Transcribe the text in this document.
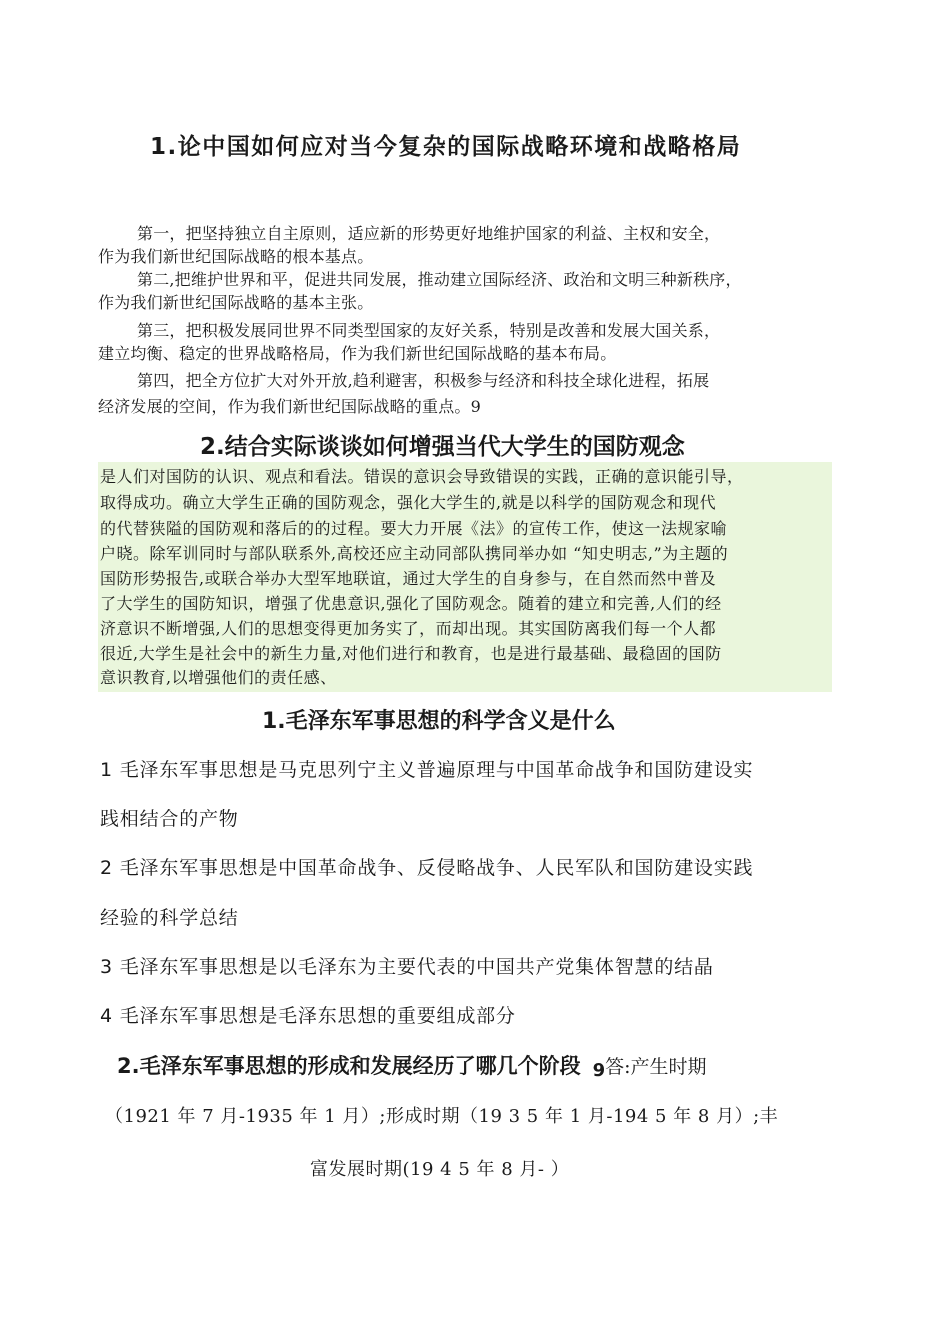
1.论中国如何应对当今复杂的国际战略环境和战略格局
第一，把坚持独立自主原则，适应新的形势更好地维护国家的利益、主权和安全，
作为我们新世纪国际战略的根本基点。
第二,把维护世界和平，促进共同发展，推动建立国际经济、政治和文明三种新秩序，
作为我们新世纪国际战略的基本主张。
第三，把积极发展同世界不同类型国家的友好关系，特别是改善和发展大国关系，
建立均衡、稳定的世界战略格局，作为我们新世纪国际战略的基本布局。
第四，把全方位扩大对外开放,趋利避害，积极参与经济和科技全球化进程，拓展
经济发展的空间，作为我们新世纪国际战略的重点。9
2.结合实际谈谈如何增强当代大学生的国防观念
是人们对国防的认识、观点和看法。错误的意识会导致错误的实践，正确的意识能引导，
取得成功。确立大学生正确的国防观念，强化大学生的,就是以科学的国防观念和现代
的代替狭隘的国防观和落后的的过程。要大力开展《法》的宣传工作，使这一法规家喻
户晓。除军训同时与部队联系外,高校还应主动同部队携同举办如 “知史明志,”为主题的
国防形势报告,或联合举办大型军地联谊，通过大学生的自身参与，在自然而然中普及
了大学生的国防知识，增强了优患意识,强化了国防观念。随着的建立和完善,人们的经
济意识不断增强,人们的思想变得更加务实了，而却出现。其实国防离我们每一个人都
很近,大学生是社会中的新生力量,对他们进行和教育，也是进行最基础、最稳固的国防
意识教育,以增强他们的责任感、
1.毛泽东军事思想的科学含义是什么
1 毛泽东军事思想是马克思列宁主义普遍原理与中国革命战争和国防建设实
践相结合的产物
2 毛泽东军事思想是中国革命战争、反侵略战争、人民军队和国防建设实践
经验的科学总结
3 毛泽东军事思想是以毛泽东为主要代表的中国共产党集体智慧的结晶
4 毛泽东军事思想是毛泽东思想的重要组成部分
2.毛泽东军事思想的形成和发展经历了哪几个阶段 9答:产生时期
（1921 年 7 月-1935 年 1 月）;形成时期（19 3 5 年 1 月-194 5 年 8 月）;丰
富发展时期(19 4 5 年 8 月- ）
